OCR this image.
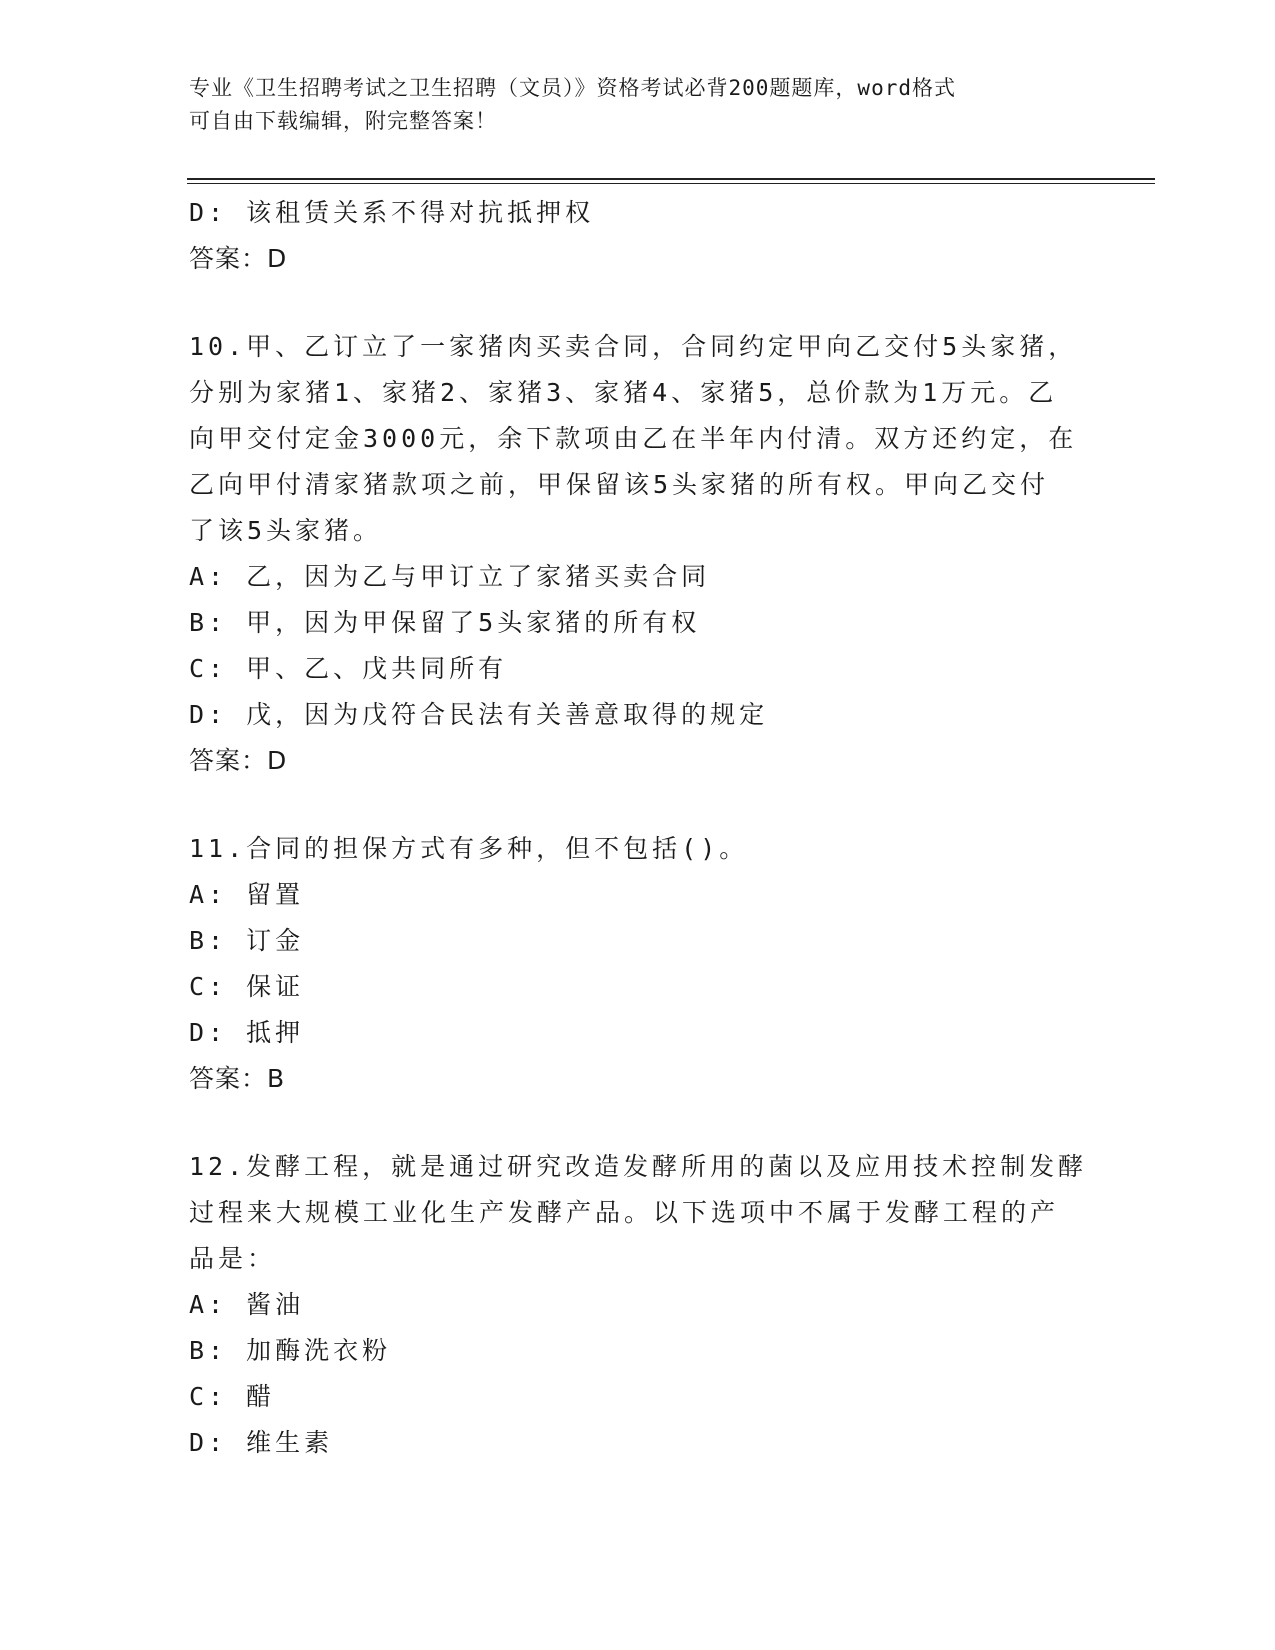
专业《卫生招聘考试之卫生招聘（文员）》资格考试必背200题题库，word格式
可自由下载编辑，附完整答案！
D: 该租赁关系不得对抗抵押权
答案：D
10.甲、乙订立了一家猪肉买卖合同，合同约定甲向乙交付5头家猪，
分别为家猪1、家猪2、家猪3、家猪4、家猪5，总价款为1万元。乙
向甲交付定金3000元，余下款项由乙在半年内付清。双方还约定，在
乙向甲付清家猪款项之前，甲保留该5头家猪的所有权。甲向乙交付
了该5头家猪。
A: 乙，因为乙与甲订立了家猪买卖合同
B: 甲，因为甲保留了5头家猪的所有权
C: 甲、乙、戊共同所有
D: 戊，因为戊符合民法有关善意取得的规定
答案：D
11.合同的担保方式有多种，但不包括()。
A: 留置
B: 订金
C: 保证
D: 抵押
答案：B
12.发酵工程，就是通过研究改造发酵所用的菌以及应用技术控制发酵
过程来大规模工业化生产发酵产品。以下选项中不属于发酵工程的产
品是：
A: 酱油
B: 加酶洗衣粉
C: 醋
D: 维生素
